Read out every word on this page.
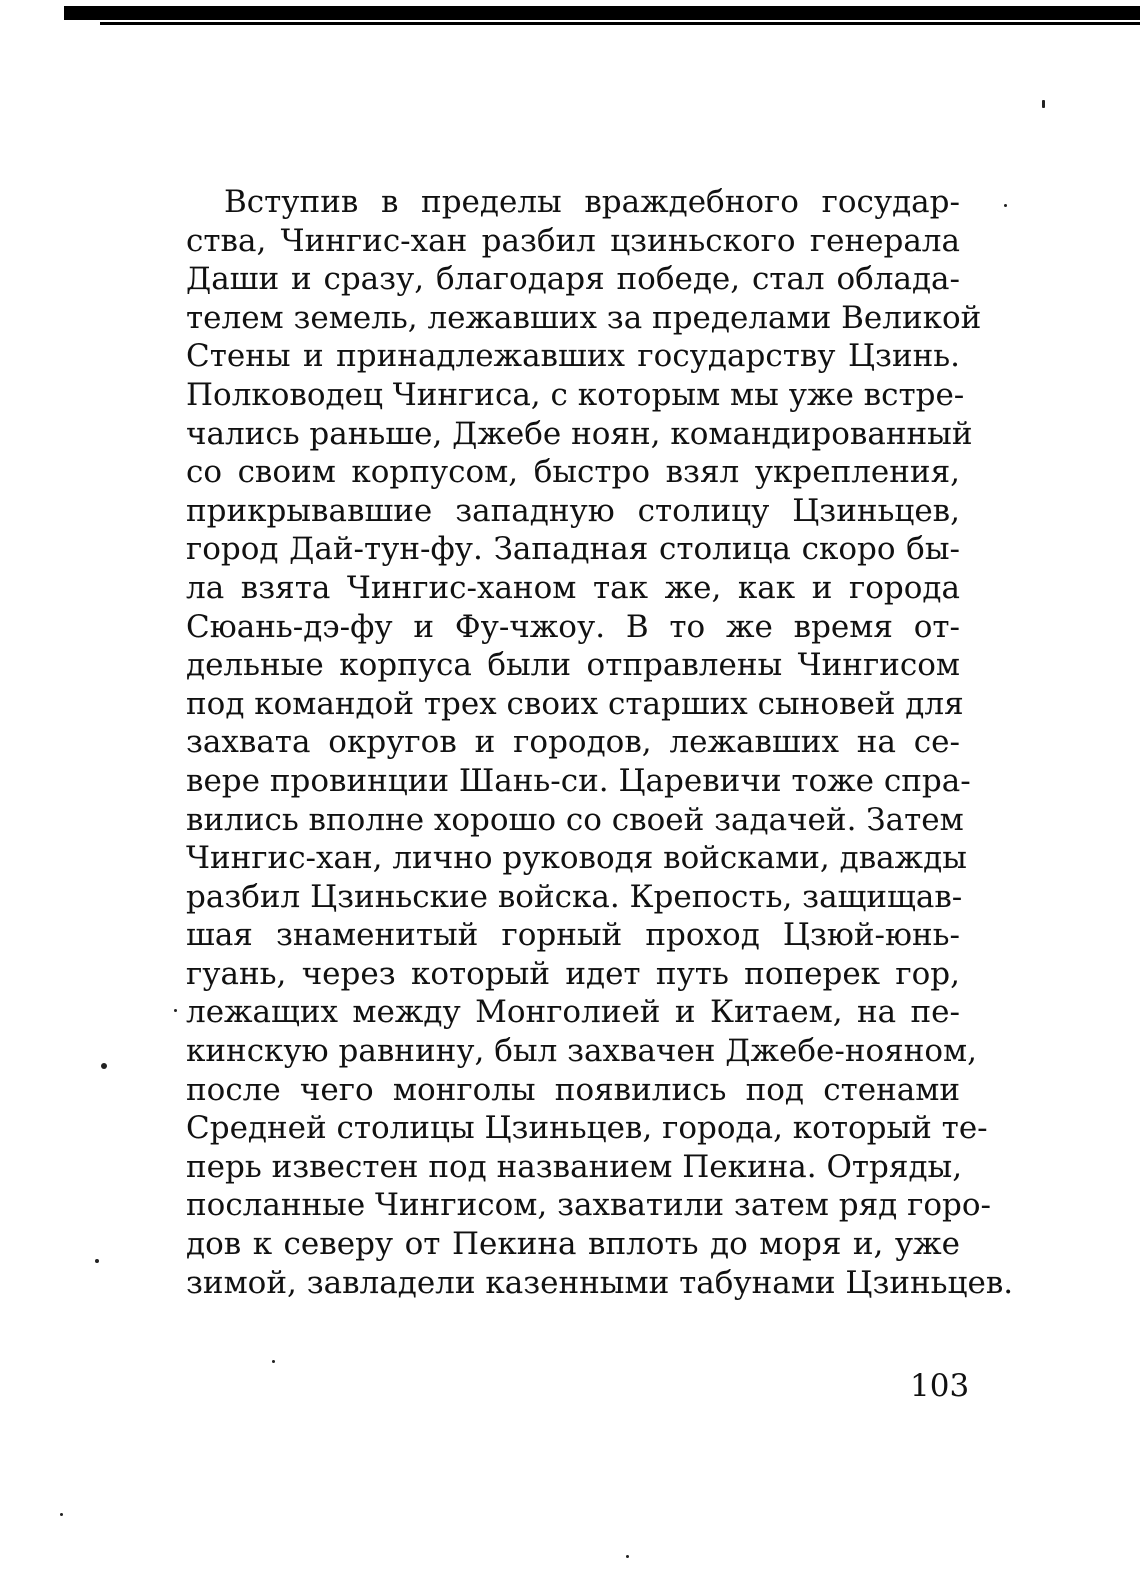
Вступив в пределы враждебного государ-
ства, Чингис-хан разбил цзиньского генерала
Даши и сразу, благодаря победе, стал облада-
телем земель, лежавших за пределами Великой
Стены и принадлежавших государству Цзинь.
Полководец Чингиса, с которым мы уже встре-
чались раньше, Джебе ноян, командированный
со своим корпусом, быстро взял укрепления,
прикрывавшие западную столицу Цзиньцев,
город Дай-тун-фу. Западная столица скоро бы-
ла взята Чингис-ханом так же, как и города
Сюань-дэ-фу и Фу-чжоу. В то же время от-
дельные корпуса были отправлены Чингисом
под командой трех своих старших сыновей для
захвата округов и городов, лежавших на се-
вере провинции Шань-си. Царевичи тоже спра-
вились вполне хорошо со своей задачей. Затем
Чингис-хан, лично руководя войсками, дважды
разбил Цзиньские войска. Крепость, защищав-
шая знаменитый горный проход Цзюй-юнь-
гуань, через который идет путь поперек гор,
лежащих между Монголией и Китаем, на пе-
кинскую равнину, был захвачен Джебе-нояном,
после чего монголы появились под стенами
Средней столицы Цзиньцев, города, который те-
перь известен под названием Пекина. Отряды,
посланные Чингисом, захватили затем ряд горо-
дов к северу от Пекина вплоть до моря и, уже
зимой, завладели казенными табунами Цзиньцев.
103
